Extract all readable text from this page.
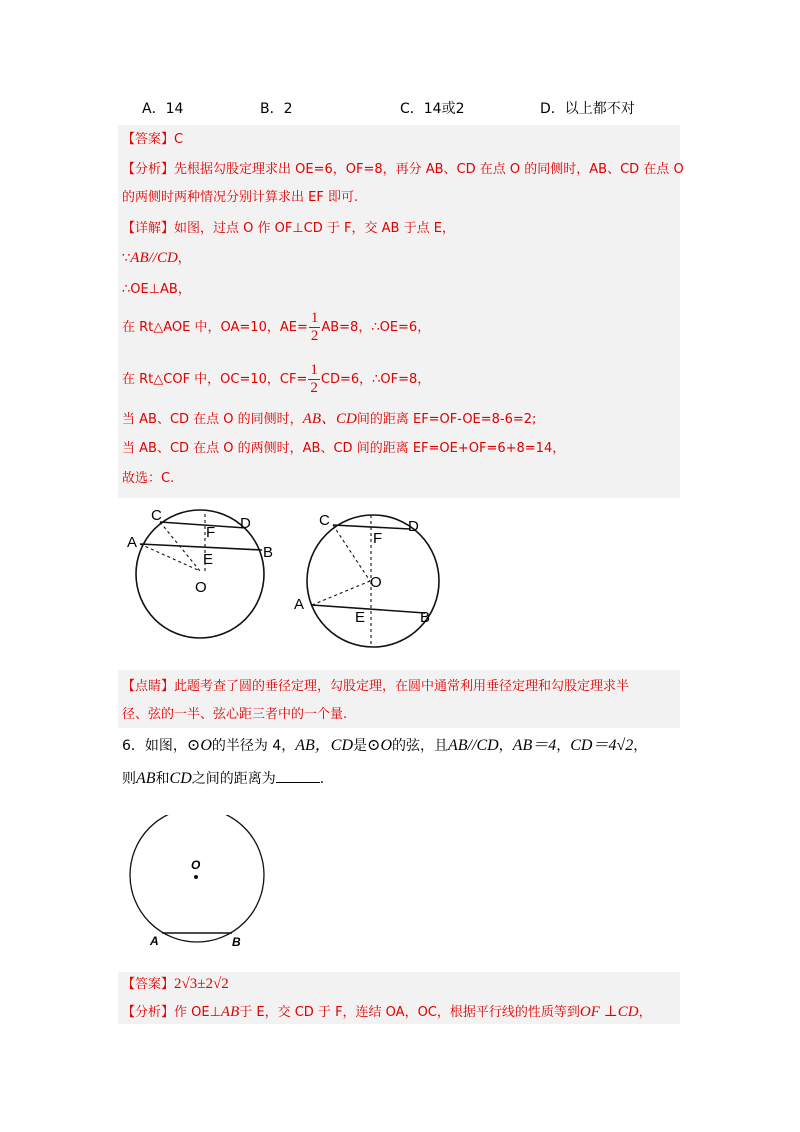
A．14	B．2	C．14或2	D．以上都不对
【答案】C
【分析】先根据勾股定理求出 OE=6，OF=8，再分 AB、CD 在点 O 的同侧时，AB、CD 在点 O
的两侧时两种情况分别计算求出 EF 即可.
【详解】如图，过点 O 作 OF⊥CD 于 F，交 AB 于点 E，
∵AB//CD，
∴OE⊥AB，
在 Rt△AOE 中，OA=10，$AE= \frac{1}{2} AB=8$，∴OE=6，
在 Rt△COF 中，OC=10，$CF= \frac{1}{2} CD=6$，∴OF=8，
当 AB、CD 在点 O 的同侧时，AB、CD间的距离 EF=OF-OE=8-6=2;
当 AB、CD 在点 O 的两侧时，AB、CD 间的距离 EF=OE+OF=6+8=14，
故选：C.
C	D
A
B
F
E
O
C	D
A
B
F
O
E
【点睛】此题考查了圆的垂径定理，勾股定理，在圆中通常利用垂径定理和勾股定理求半
径、弦的一半、弦心距三者中的一个量.
6．如图，⊙O的半径为 4，AB，CD是⊙O的弦，且AB//CD，AB＝4，CD＝4√2，
则AB和CD之间的距离为	.
O
A	B
【答案】2√3±2√2
【分析】作 OE⊥AB于 E，交 CD 于 F，连结 OA，OC，根据平行线的性质等到OF ⊥CD，
